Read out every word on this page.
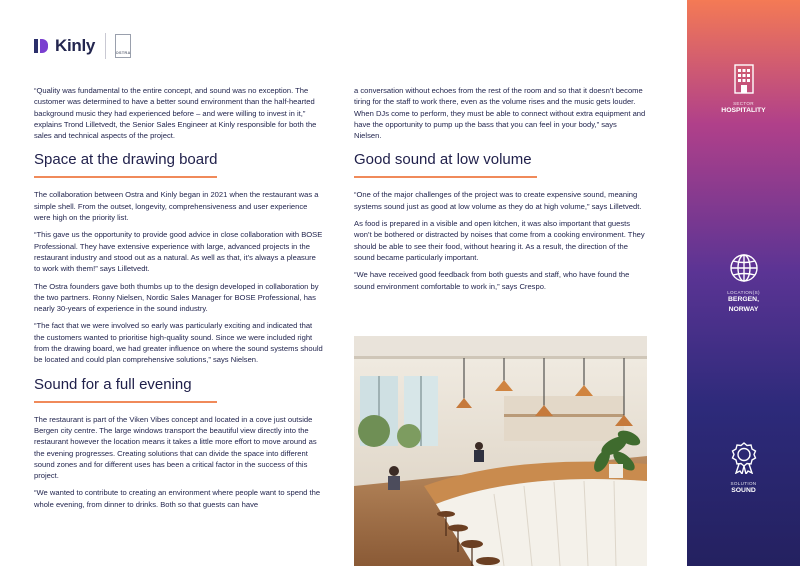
Kinly	OSTRA

“Quality was fundamental to the entire concept, and sound was no exception. The customer was determined to have a better sound environment than the half-hearted background music they had experienced before – and were willing to invest in it,” explains Trond Lilletvedt, the Senior Sales Engineer at Kinly responsible for both the sales and technical aspects of the project.

Space at the drawing board

The collaboration between Ostra and Kinly began in 2021 when the restaurant was a simple shell. From the outset, longevity, comprehensiveness and user experience were high on the priority list.

“This gave us the opportunity to provide good advice in close collaboration with BOSE Professional. They have extensive experience with large, advanced projects in the restaurant industry and stood out as a natural. As well as that, it’s always a pleasure to work with them!” says Lilletvedt.

The Ostra founders gave both thumbs up to the design developed in collaboration by the two partners. Ronny Nielsen, Nordic Sales Manager for BOSE Professional, has nearly 30-years of experience in the sound industry.

“The fact that we were involved so early was particularly exciting and indicated that the customers wanted to prioritise high-quality sound. Since we were included right from the drawing board, we had greater influence on where the sound systems should be located and could plan comprehensive solutions,” says Nielsen.

Sound for a full evening

The restaurant is part of the Viken Vibes concept and located in a cove just outside Bergen city centre. The large windows transport the beautiful view directly into the restaurant however the location means it takes a little more effort to move around as the evening progresses. Creating solutions that can divide the space into different sound zones and for different uses has been a critical factor in the success of this project.

“We wanted to contribute to creating an environment where people want to spend the whole evening, from dinner to drinks. Both so that guests can have

a conversation without echoes from the rest of the room and so that it doesn’t become tiring for the staff to work there, even as the volume rises and the music gets louder. When DJs come to perform, they must be able to connect without extra equipment and have the opportunity to pump up the bass that you can feel in your body,” says Nielsen.

Good sound at low volume

“One of the major challenges of the project was to create expensive sound, meaning systems sound just as good at low volume as they do at high volume,” says Lilletvedt.

As food is prepared in a visible and open kitchen, it was also important that guests won’t be bothered or distracted by noises that come from a cooking environment. They should be able to see their food, without hearing it. As a result, the direction of the sound became particularly important.

“We have received good feedback from both guests and staff, who have found the sound environment comfortable to work in,” says Crespo.

SECTOR
HOSPITALITY
LOCATION(S)
BERGEN,
NORWAY
SOLUTION
SOUND
